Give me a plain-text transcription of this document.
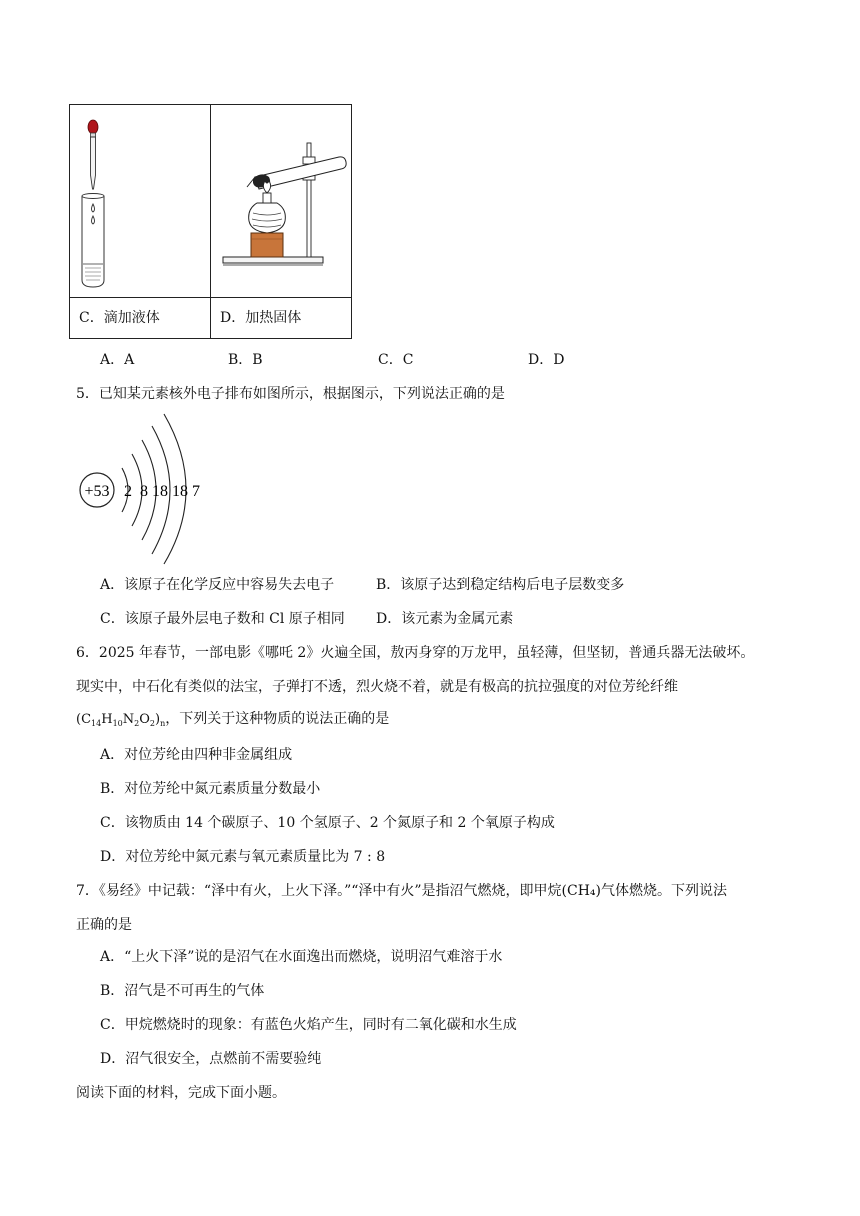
C．滴加液体	D．加热固体
A．A	B．B	C．C	D．D
5．已知某元素核外电子排布如图所示，根据图示，下列说法正确的是
+53 2  8 18 18 7
A．该原子在化学反应中容易失去电子	B．该原子达到稳定结构后电子层数变多
C．该原子最外层电子数和 Cl 原子相同 D．该元素为金属元素
6．2025 年春节，一部电影《哪吒 2》火遍全国，敖丙身穿的万龙甲，虽轻薄，但坚韧，普通兵器无法破坏。
现实中，中石化有类似的法宝，子弹打不透，烈火烧不着，就是有极高的抗拉强度的对位芳纶纤维
$(C_{14}H_{10}N_2O_2)_n$，下列关于这种物质的说法正确的是
A．对位芳纶由四种非金属组成
B．对位芳纶中氮元素质量分数最小
C．该物质由 14 个碳原子、10 个氢原子、2 个氮原子和 2 个氧原子构成
D．对位芳纶中氮元素与氧元素质量比为 7 : 8
7．《易经》中记载：“泽中有火，上火下泽。”“泽中有火”是指沼气燃烧，即甲烷(CH₄)气体燃烧。下列说法
正确的是
A．“上火下泽”说的是沼气在水面逸出而燃烧，说明沼气难溶于水
B．沼气是不可再生的气体
C．甲烷燃烧时的现象：有蓝色火焰产生，同时有二氧化碳和水生成
D．沼气很安全，点燃前不需要验纯
阅读下面的材料，完成下面小题。
